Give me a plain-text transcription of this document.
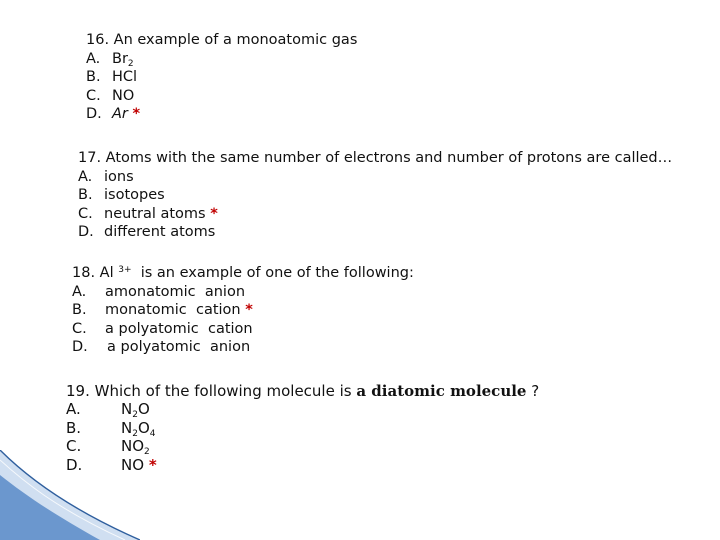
16. An example of a monoatomic gas
A. $Br_2$
B. HCl
C. NO
D. Ar *
17. Atoms with the same number of electrons and number of protons are called…
A. ions
B. isotopes
C. neutral atoms *
D. different atoms
18. Al $^{3+}$ is an example of one of the following:
A. amonatomic  anion
B. monatomic  cation *
C. a polyatomic  cation
D. a polyatomic  anion
19. Which of the following molecule is a diatomic molecule ?
A.	$N_2O$
B.	$N_2O_4$
C.	$NO_2$
D.	NO *
